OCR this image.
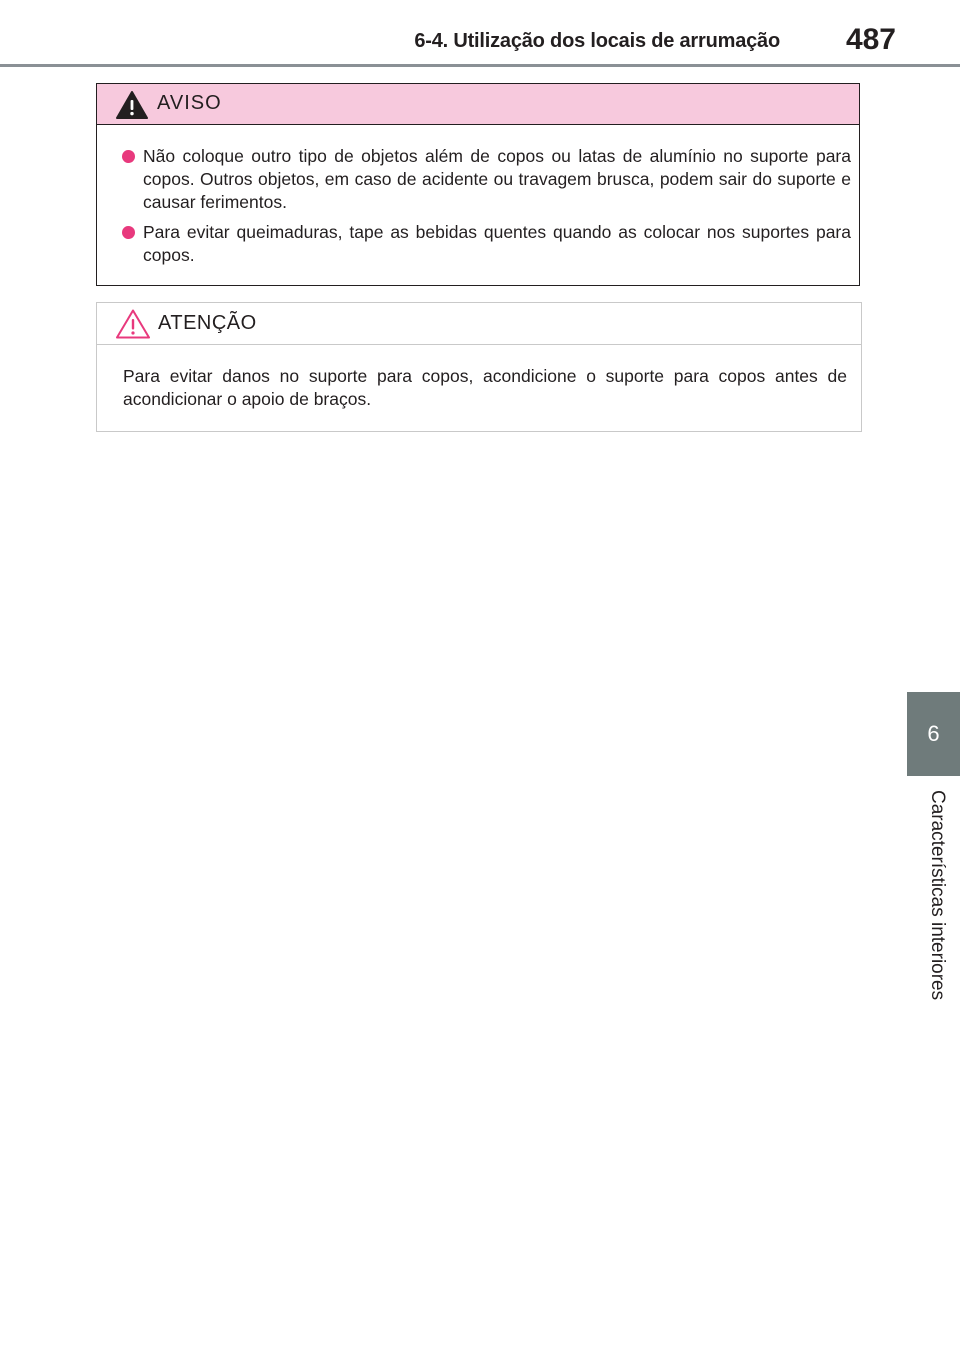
6-4. Utilização dos locais de arrumação	487
AVISO
Não coloque outro tipo de objetos além de copos ou latas de alumínio no suporte para copos. Outros objetos, em caso de acidente ou travagem brusca, podem sair do suporte e causar ferimentos.
Para evitar queimaduras, tape as bebidas quentes quando as colocar nos suportes para copos.
ATENÇÃO
Para evitar danos no suporte para copos, acondicione o suporte para copos antes de acondicionar o apoio de braços.
6
Características interiores
